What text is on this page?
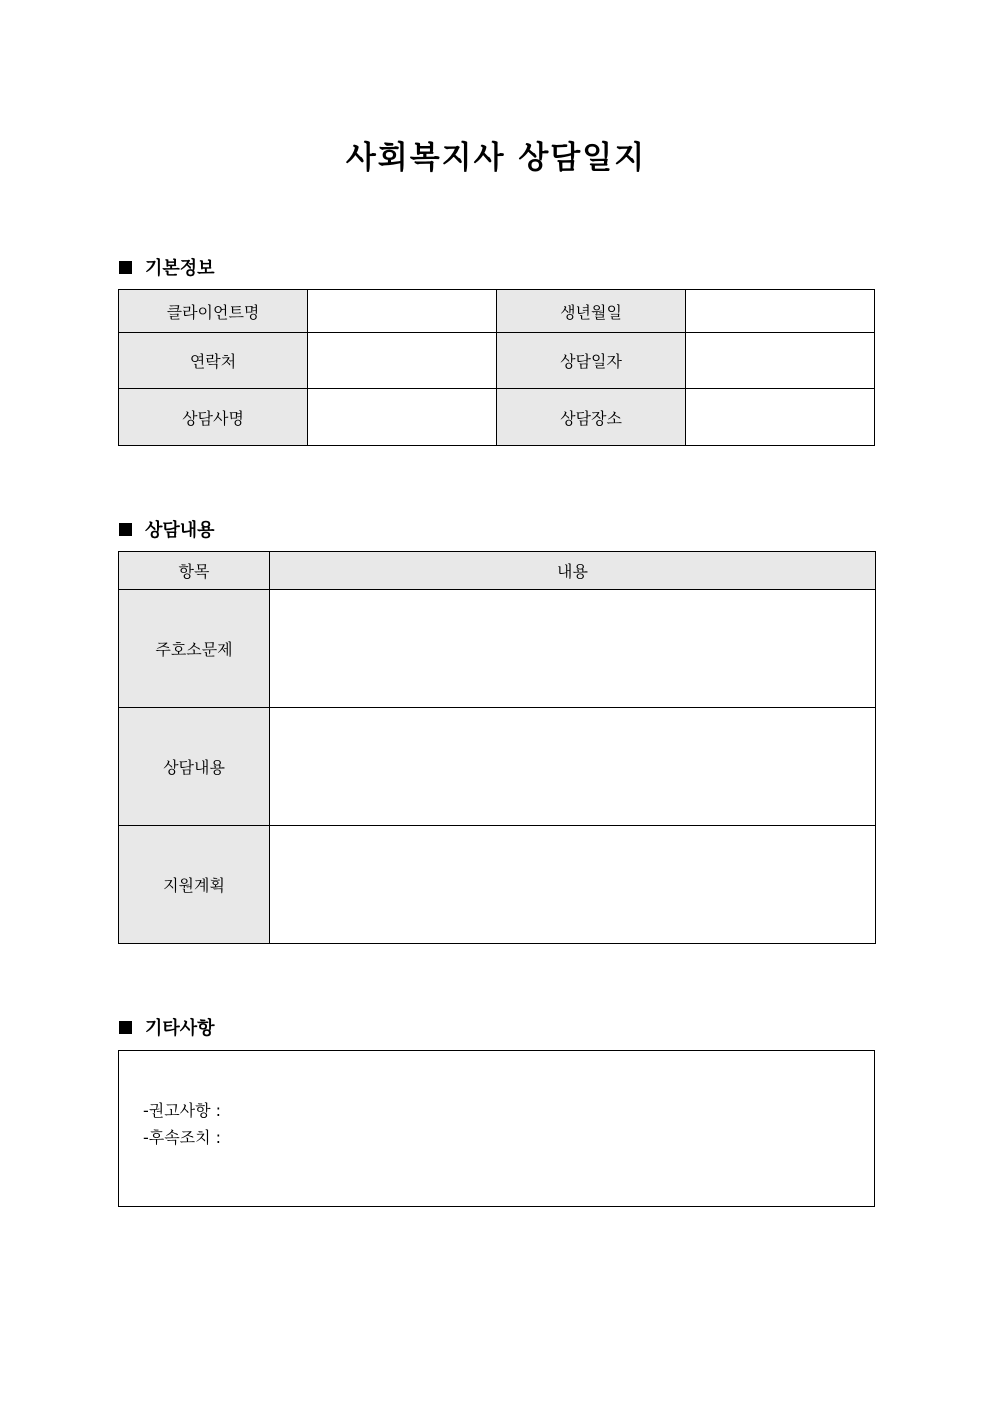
사회복지사 상담일지
기본정보
클라이언트명		생년월일	
연락처		상담일자	
상담사명		상담장소	
상담내용
항목	내용
주호소문제	
상담내용	
지원계획	
기타사항
-권고사항 :
-후속조치 :
